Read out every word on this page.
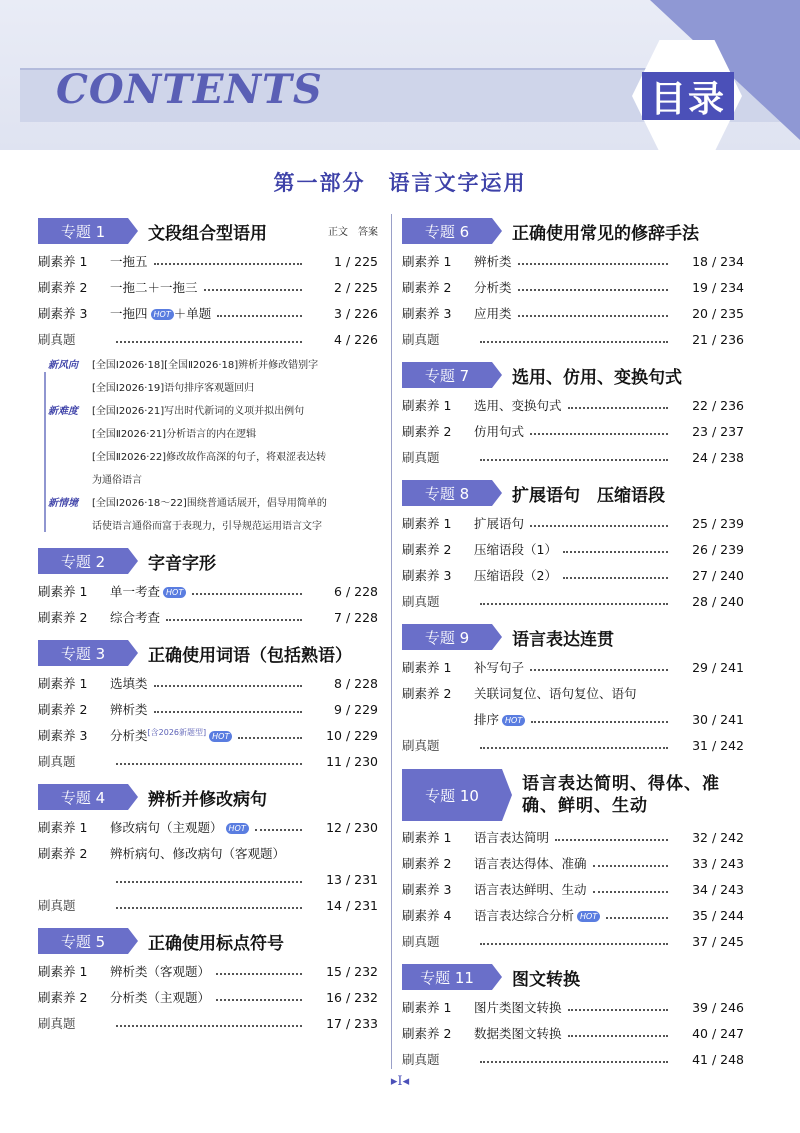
CONTENTS	目录
第一部分　语言文字运用
专题 1	文段组合型语用	正文　答案
刷素养 1	一拖五	1 / 225
刷素养 2	一拖二＋一拖三	2 / 225
刷素养 3	一拖四 HOT ＋单题	3 / 226
刷真题	4 / 226
新风向 [全国Ⅰ2026·18][全国Ⅱ2026·18]辨析并修改错别字
[全国Ⅰ2026·19]语句排序客观题回归
新难度 [全国Ⅰ2026·21]写出时代新词的义项并拟出例句
[全国Ⅱ2026·21]分析语言的内在逻辑
[全国Ⅱ2026·22]修改故作高深的句子，将艰涩表达转
为通俗语言
新情境 [全国Ⅰ2026·18～22]围绕普通话展开，倡导用简单的
话使语言通俗而富于表现力，引导规范运用语言文字
专题 2	字音字形
刷素养 1	单一考查 HOT	6 / 228
刷素养 2	综合考查	7 / 228
专题 3	正确使用词语（包括熟语）
刷素养 1	选填类	8 / 228
刷素养 2	辨析类	9 / 229
刷素养 3	分析类[含2026新题型] HOT	10 / 229
刷真题	11 / 230
专题 4	辨析并修改病句
刷素养 1	修改病句（主观题） HOT	12 / 230
刷素养 2	辨析病句、修改病句（客观题）
13 / 231
刷真题	14 / 231
专题 5	正确使用标点符号
刷素养 1	辨析类（客观题）	15 / 232
刷素养 2	分析类（主观题）	16 / 232
刷真题	17 / 233
专题 6	正确使用常见的修辞手法
刷素养 1	辨析类	18 / 234
刷素养 2	分析类	19 / 234
刷素养 3	应用类	20 / 235
刷真题	21 / 236
专题 7	选用、仿用、变换句式
刷素养 1	选用、变换句式	22 / 236
刷素养 2	仿用句式	23 / 237
刷真题	24 / 238
专题 8	扩展语句　压缩语段
刷素养 1	扩展语句	25 / 239
刷素养 2	压缩语段（1）	26 / 239
刷素养 3	压缩语段（2）	27 / 240
刷真题	28 / 240
专题 9	语言表达连贯
刷素养 1	补写句子	29 / 241
刷素养 2	关联词复位、语句复位、语句
排序 HOT	30 / 241
刷真题	31 / 242
专题 10
语言表达简明、得体、准
确、鲜明、生动
刷素养 1	语言表达简明	32 / 242
刷素养 2	语言表达得体、准确	33 / 243
刷素养 3	语言表达鲜明、生动	34 / 243
刷素养 4	语言表达综合分析 HOT	35 / 244
刷真题	37 / 245
专题 11	图文转换
刷素养 1	图片类图文转换	39 / 246
刷素养 2	数据类图文转换	40 / 247
刷真题	41 / 248
▸I◂
